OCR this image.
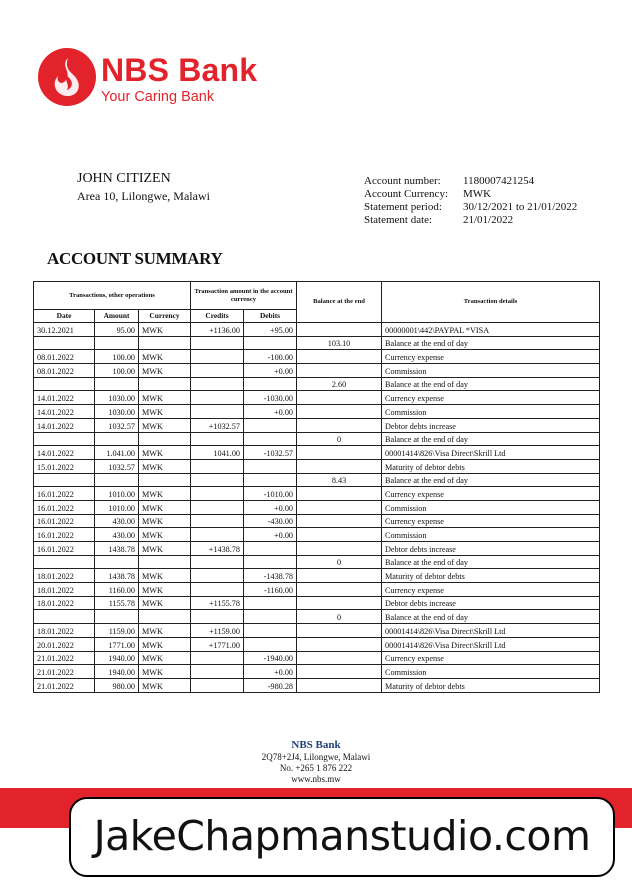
NBS Bank
Your Caring Bank
JOHN CITIZEN
Area 10, Lilongwe, Malawi
Account number:	1180007421254
Account Currency:	MWK
Statement period:	30/12/2021 to 21/01/2022
Statement date:	21/01/2022
ACCOUNT SUMMARY
Transactions, other operations			Transaction amount in the account currency		Balance at the end	Transaction details
Date	Amount	Currency	Credits	Debits		
30.12.2021	95.00	MWK	+1136.00	+95.00		00000001\442\PAYPAL *VISA
					103.10	Balance at the end of day
08.01.2022	100.00	MWK		-100.00		Currency expense
08.01.2022	100.00	MWK		+0.00		Commission
					2.60	Balance at the end of day
14.01.2022	1030.00	MWK		-1030.00		Currency expense
14.01.2022	1030.00	MWK		+0.00		Commission
14.01.2022	1032.57	MWK	+1032.57			Debtor debts increase
					0	Balance at the end of day
14.01.2022	1.041.00	MWK	1041.00	-1032.57		00001414\826\Visa Direct\Skrill Ltd
15.01.2022	1032.57	MWK				Maturity of debtor debts
					8.43	Balance at the end of day
16.01.2022	1010.00	MWK		-1010.00		Currency expense
16.01.2022	1010.00	MWK		+0.00		Commission
16.01.2022	430.00	MWK		-430.00		Currency expense
16.01.2022	430.00	MWK		+0.00		Commission
16.01.2022	1438.78	MWK	+1438.78			Debtor debts increase
					0	Balance at the end of day
18.01.2022	1438.78	MWK		-1438.78		Maturity of debtor debts
18.01.2022	1160.00	MWK		-1160.00		Currency expense
18.01.2022	1155.78	MWK	+1155.78			Debtor debts increase
					0	Balance at the end of day
18.01.2022	1159.00	MWK	+1159.00			00001414\826\Visa Direct\Skrill Ltd
20.01.2022	1771.00	MWK	+1771.00			00001414\826\Visa Direct\Skrill Ltd
21.01.2022	1940.00	MWK		-1940.00		Currency expense
21.01.2022	1940.00	MWK		+0.00		Commission
21.01.2022	980.00	MWK		-980.28		Maturity of debtor debts
NBS Bank
2Q78+2J4, Lilongwe, Malawi
No. +265 1 876 222
www.nbs.mw
JakeChapmanstudio.com
